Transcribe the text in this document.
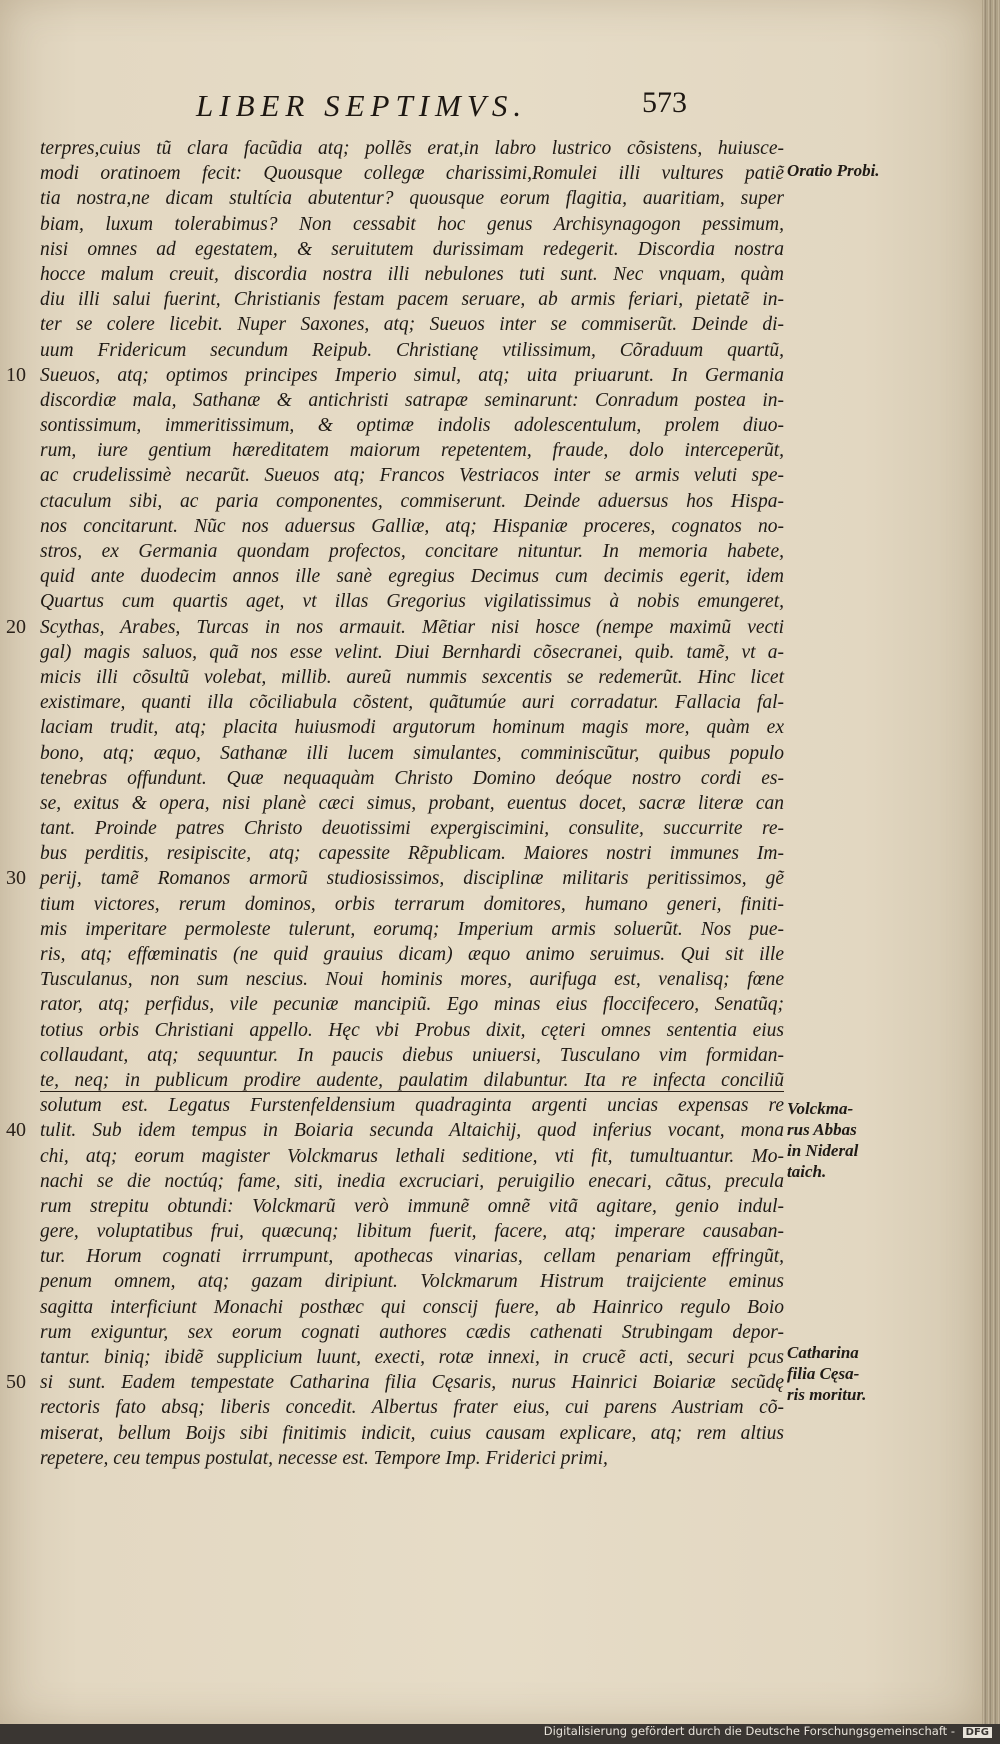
LIBER SEPTIMVS.	573
terpres,cuius tũ clara facũdia atq; pollẽs erat,in labro lustrico cõsistens, huiusce-
modi oratinoem fecit: Quousque collegæ charissimi,Romulei illi vultures patiẽ
tia nostra,ne dicam stultícia abutentur? quousque eorum flagitia, auaritiam, super
biam, luxum tolerabimus? Non cessabit hoc genus Archisynagogon pessimum,
nisi omnes ad egestatem, & seruitutem durissimam redegerit. Discordia nostra
hocce malum creuit, discordia nostra illi nebulones tuti sunt. Nec vnquam, quàm
diu illi salui fuerint, Christianis festam pacem seruare, ab armis feriari, pietatẽ in-
ter se colere licebit. Nuper Saxones, atq; Sueuos inter se commiserũt. Deinde di-
uum Fridericum secundum Reipub. Christianę vtilissimum, Cõraduum quartũ,
10 Sueuos, atq; optimos principes Imperio simul, atq; uita priuarunt. In Germania
discordiæ mala, Sathanæ & antichristi satrapæ seminarunt: Conradum postea in-
sontissimum, immeritissimum, & optimæ indolis adolescentulum, prolem diuo-
rum, iure gentium hæreditatem maiorum repetentem, fraude, dolo interceperũt,
ac crudelissimè necarũt. Sueuos atq; Francos Vestriacos inter se armis veluti spe-
ctaculum sibi, ac paria componentes, commiserunt. Deinde aduersus hos Hispa-
nos concitarunt. Nũc nos aduersus Galliæ, atq; Hispaniæ proceres, cognatos no-
stros, ex Germania quondam profectos, concitare nituntur. In memoria habete,
quid ante duodecim annos ille sanè egregius Decimus cum decimis egerit, idem
Quartus cum quartis aget, vt illas Gregorius vigilatissimus à nobis emungeret,
20 Scythas, Arabes, Turcas in nos armauit. Mẽtiar nisi hosce (nempe maximũ vecti
gal) magis saluos, quã nos esse velint. Diui Bernhardi cõsecranei, quib. tamẽ, vt a-
micis illi cõsultũ volebat, millib. aureũ nummis sexcentis se redemerũt. Hinc licet
existimare, quanti illa cõciliabula cõstent, quãtumúe auri corradatur. Fallacia fal-
laciam trudit, atq; placita huiusmodi argutorum hominum magis more, quàm ex
bono, atq; æquo, Sathanæ illi lucem simulantes, comminiscũtur, quibus populo
tenebras offundunt. Quæ nequaquàm Christo Domino deóque nostro cordi es-
se, exitus & opera, nisi planè cæci simus, probant, euentus docet, sacræ literæ can
tant. Proinde patres Christo deuotissimi expergiscimini, consulite, succurrite re-
bus perditis, resipiscite, atq; capessite Rẽpublicam. Maiores nostri immunes Im-
30 perij, tamẽ Romanos armorũ studiosissimos, disciplinæ militaris peritissimos, gẽ
tium victores, rerum dominos, orbis terrarum domitores, humano generi, finiti-
mis imperitare permoleste tulerunt, eorumq; Imperium armis soluerũt. Nos pue-
ris, atq; effœminatis (ne quid grauius dicam) æquo animo seruimus. Qui sit ille
Tusculanus, non sum nescius. Noui hominis mores, aurifuga est, venalisq; fœne
rator, atq; perfidus, vile pecuniæ mancipiũ. Ego minas eius floccifecero, Senatũq;
totius orbis Christiani appello. Hęc vbi Probus dixit, cęteri omnes sententia eius
collaudant, atq; sequuntur. In paucis diebus uniuersi, Tusculano vim formidan-
te, neq; in publicum prodire audente, paulatim dilabuntur. Ita re infecta conciliũ
solutum est. Legatus Furstenfeldensium quadraginta argenti uncias expensas re
40 tulit. Sub idem tempus in Boiaria secunda Altaichij, quod inferius vocant, mona
chi, atq; eorum magister Volckmarus lethali seditione, vti fit, tumultuantur. Mo-
nachi se die noctúq; fame, siti, inedia excruciari, peruigilio enecari, cãtus, precula
rum strepitu obtundi: Volckmarũ verò immunẽ omnẽ vitã agitare, genio indul-
gere, voluptatibus frui, quæcunq; libitum fuerit, facere, atq; imperare causaban-
tur. Horum cognati irrrumpunt, apothecas vinarias, cellam penariam effringũt,
penum omnem, atq; gazam diripiunt. Volckmarum Histrum traijciente eminus
sagitta interficiunt Monachi posthæc qui conscij fuere, ab Hainrico regulo Boio
rum exiguntur, sex eorum cognati authores cædis cathenati Strubingam depor-
tantur. biniq; ibidẽ supplicium luunt, execti, rotæ innexi, in crucẽ acti, securi pcus
50 si sunt. Eadem tempestate Catharina filia Cęsaris, nurus Hainrici Boiariæ secũdę
rectoris fato absq; liberis concedit. Albertus frater eius, cui parens Austriam cõ-
miserat, bellum Boijs sibi finitimis indicit, cuius causam explicare, atq; rem altius
repetere, ceu tempus postulat, necesse est. Tempore Imp. Friderici primi,
Oratio Probi.
Volckma-
rus Abbas
in Nideral
taich.
Catharina
filia Cęsa-
ris moritur.
Digitalisierung gefördert durch die Deutsche Forschungsgemeinschaft - DFG
